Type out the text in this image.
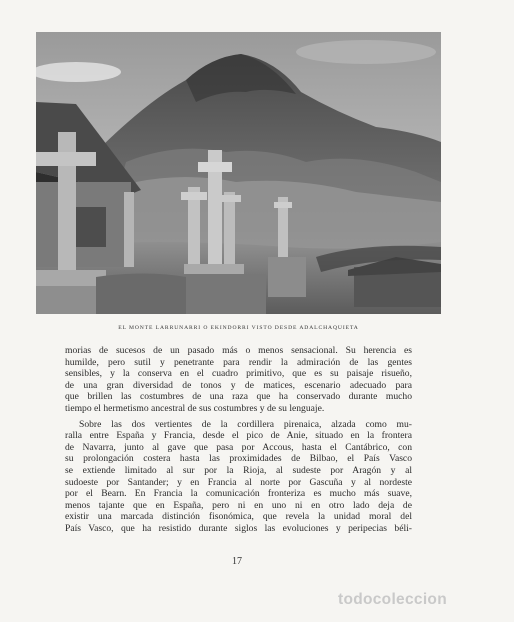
EL MONTE LARRUNARRI O EKINDORRI VISTO DESDE ADALCHAQUIETA

morias de sucesos de un pasado más o menos sensacional. Su herencia es
humilde, pero sutil y penetrante para rendir la admiración de las gentes
sensibles, y la conserva en el cuadro primitivo, que es su paisaje risueño,
de una gran diversidad de tonos y de matices, escenario adecuado para
que brillen las costumbres de una raza que ha conservado durante mucho
tiempo el hermetismo ancestral de sus costumbres y de su lenguaje.

Sobre las dos vertientes de la cordillera pirenaica, alzada como mu-
ralla entre España y Francia, desde el pico de Anie, situado en la frontera
de Navarra, junto al gave que pasa por Accous, hasta el Cantábrico, con
su prolongación costera hasta las proximidades de Bilbao, el País Vasco
se extiende limitado al sur por la Rioja, al sudeste por Aragón y al
sudoeste por Santander; y en Francia al norte por Gascuña y al nordeste
por el Bearn. En Francia la comunicación fronteriza es mucho más suave,
menos tajante que en España, pero ni en uno ni en otro lado deja de
existir una marcada distinción fisonómica, que revela la unidad moral del
País Vasco, que ha resistido durante siglos las evoluciones y peripecias béli-

17
todocoleccion
